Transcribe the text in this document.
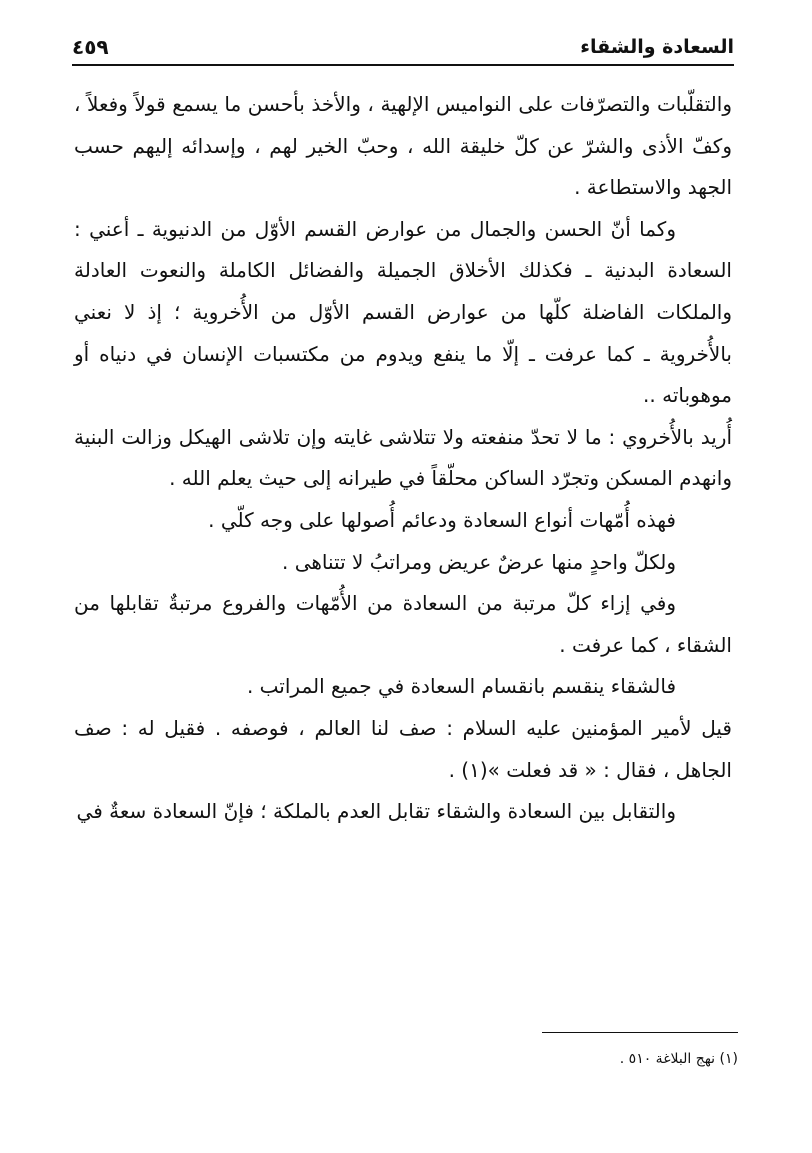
السعادة والشقاء
٤٥٩

والتقلّبات والتصرّفات على النواميس الإلهية ، والأخذ بأحسن ما يسمع قولاً وفعلاً ، وكفّ الأذى والشرّ عن كلّ خليقة الله ، وحبّ الخير لهم ، وإسدائه إليهم حسب الجهد والاستطاعة .

وكما أنّ الحسن والجمال من عوارض القسم الأوّل من الدنيوية ـ أعني : السعادة البدنية ـ فكذلك الأخلاق الجميلة والفضائل الكاملة والنعوت العادلة والملكات الفاضلة كلّها من عوارض القسم الأوّل من الأُخروية ؛ إذ لا نعني بالأُخروية ـ كما عرفت ـ إلّا ما ينفع ويدوم من مكتسبات الإنسان في دنياه أو موهوباته ..

أُريد بالأُخروي : ما لا تحدّ منفعته ولا تتلاشى غايته وإن تلاشى الهيكل وزالت البنية وانهدم المسكن وتجرّد الساكن محلّقاً في طيرانه إلى حيث يعلم الله .

فهذه أُمّهات أنواع السعادة ودعائم أُصولها على وجه كلّي .

ولكلّ واحدٍ منها عرضٌ عريض ومراتبُ لا تتناهى .

وفي إزاء كلّ مرتبة من السعادة من الأُمّهات والفروع مرتبةٌ تقابلها من الشقاء ، كما عرفت .

فالشقاء ينقسم بانقسام السعادة في جميع المراتب .

قيل لأمير المؤمنين عليه السلام : صف لنا العالم ، فوصفه . فقيل له : صف الجاهل ، فقال : « قد فعلت »(١) .

والتقابل بين السعادة والشقاء تقابل العدم بالملكة ؛ فإنّ السعادة سعةٌ في

(١) نهج البلاغة ٥١٠ .
